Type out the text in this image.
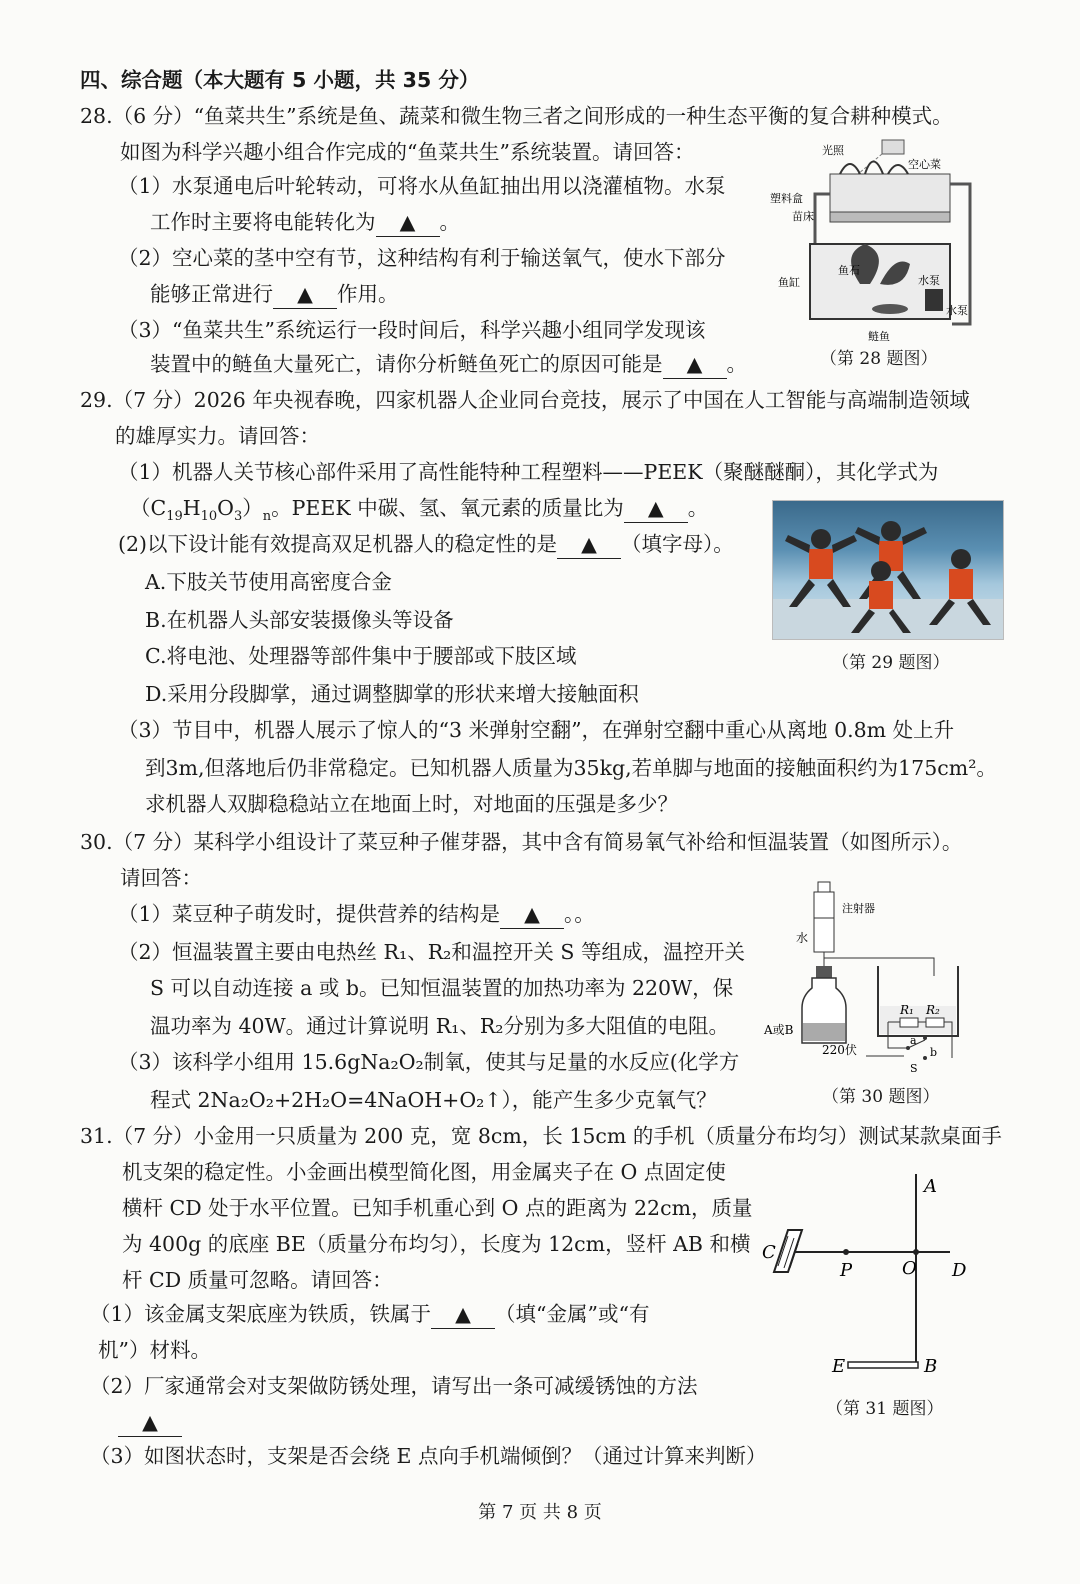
四、综合题（本大题有 5 小题，共 35 分）
28.（6 分）“鱼菜共生”系统是鱼、蔬菜和微生物三者之间形成的一种生态平衡的复合耕种模式。
如图为科学兴趣小组合作完成的“鱼菜共生”系统装置。请回答：
（1）水泵通电后叶轮转动，可将水从鱼缸抽出用以浇灌植物。水泵
工作时主要将电能转化为 ▲ 。
（2）空心菜的茎中空有节，这种结构有利于输送氧气，使水下部分
能够正常进行 ▲ 作用。
（3）“鱼菜共生”系统运行一段时间后，科学兴趣小组同学发现该
装置中的鲢鱼大量死亡，请你分析鲢鱼死亡的原因可能是 ▲ 。
光照
空心菜
塑料盒
苗床
鱼缸
鱼石
水泵
水泵
鲢鱼
（第 28 题图）
29.（7 分）2026 年央视春晚，四家机器人企业同台竞技，展示了中国在人工智能与高端制造领域
的雄厚实力。请回答：
（1）机器人关节核心部件采用了高性能特种工程塑料——PEEK（聚醚醚酮），其化学式为
$(C_{19}H_{10}O_3)_n$。PEEK 中碳、氢、氧元素的质量比为 ▲ 。
(2)以下设计能有效提高双足机器人的稳定性的是 ▲ （填字母）。
A.下肢关节使用高密度合金
B.在机器人头部安装摄像头等设备
C.将电池、处理器等部件集中于腰部或下肢区域
D.采用分段脚掌，通过调整脚掌的形状来增大接触面积
（3）节目中，机器人展示了惊人的“3 米弹射空翻”，在弹射空翻中重心从离地 0.8m 处上升
到3m,但落地后仍非常稳定。已知机器人质量为35kg,若单脚与地面的接触面积约为175cm²。
求机器人双脚稳稳站立在地面上时，对地面的压强是多少？
（第 29 题图）
30.（7 分）某科学小组设计了菜豆种子催芽器，其中含有简易氧气补给和恒温装置（如图所示）。
请回答：
（1）菜豆种子萌发时，提供营养的结构是 ▲ 。。
（2）恒温装置主要由电热丝 R₁、R₂和温控开关 S 等组成，温控开关
S 可以自动连接 a 或 b。已知恒温装置的加热功率为 220W，保
温功率为 40W。通过计算说明 R₁、R₂分别为多大阻值的电阻。
（3）该科学小组用 15.6gNa₂O₂制氧，使其与足量的水反应(化学方
程式 2Na₂O₂+2H₂O=4NaOH+O₂↑），能产生多少克氧气？
注射器
水
A或B
220伏
R₁ R₂
a
b
S
（第 30 题图）
31.（7 分）小金用一只质量为 200 克，宽 8cm，长 15cm 的手机（质量分布均匀）测试某款桌面手
机支架的稳定性。小金画出模型简化图，用金属夹子在 O 点固定使
横杆 CD 处于水平位置。已知手机重心到 O 点的距离为 22cm，质量
为 400g 的底座 BE（质量分布均匀），长度为 12cm，竖杆 AB 和横
杆 CD 质量可忽略。请回答：
（1）该金属支架底座为铁质，铁属于 ▲ （填“金属”或“有
机”）材料。
（2）厂家通常会对支架做防锈处理，请写出一条可减缓锈蚀的方法
▲
（3）如图状态时，支架是否会绕 E 点向手机端倾倒？（通过计算来判断）
A
C
P	O D
E	B
（第 31 题图）
第 7 页 共 8 页
